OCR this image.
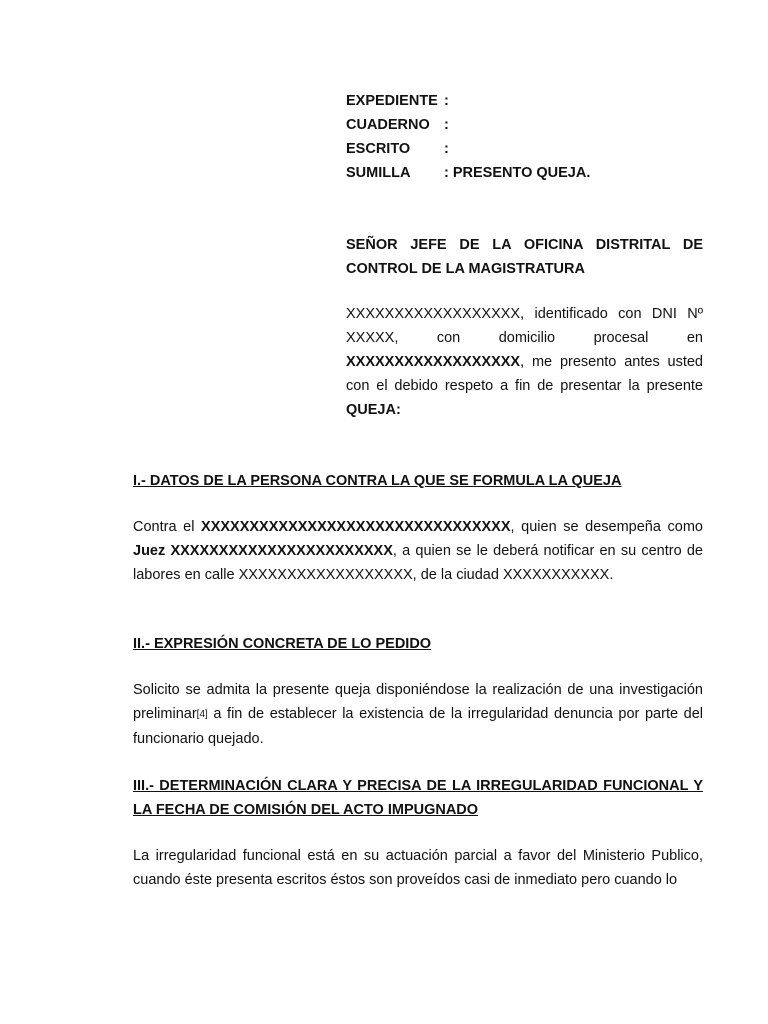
EXPEDIENTE :
CUADERNO :
ESCRITO	:
SUMILLA	: PRESENTO QUEJA.
SEÑOR JEFE DE LA OFICINA DISTRITAL DE CONTROL DE LA MAGISTRATURA
XXXXXXXXXXXXXXXXXX, identificado con DNI Nº XXXXX, con domicilio procesal en XXXXXXXXXXXXXXXXXX, me presento antes usted con el debido respeto a fin de presentar la presente QUEJA:
I.- DATOS DE LA PERSONA CONTRA LA QUE SE FORMULA LA QUEJA
Contra el XXXXXXXXXXXXXXXXXXXXXXXXXXXXXXXX, quien se desempeña como Juez XXXXXXXXXXXXXXXXXXXXXXX, a quien se le deberá notificar en su centro de labores en calle XXXXXXXXXXXXXXXXXX, de la ciudad XXXXXXXXXXX.
II.- EXPRESIÓN CONCRETA DE LO PEDIDO
Solicito se admita la presente queja disponiéndose la realización de una investigación preliminar[4] a fin de establecer la existencia de la irregularidad denuncia por parte del funcionario quejado.
III.- DETERMINACIÓN CLARA Y PRECISA DE LA IRREGULARIDAD FUNCIONAL Y LA FECHA DE COMISIÓN DEL ACTO IMPUGNADO
La irregularidad funcional está en su actuación parcial a favor del Ministerio Publico, cuando éste presenta escritos éstos son proveídos casi de inmediato pero cuando lo
